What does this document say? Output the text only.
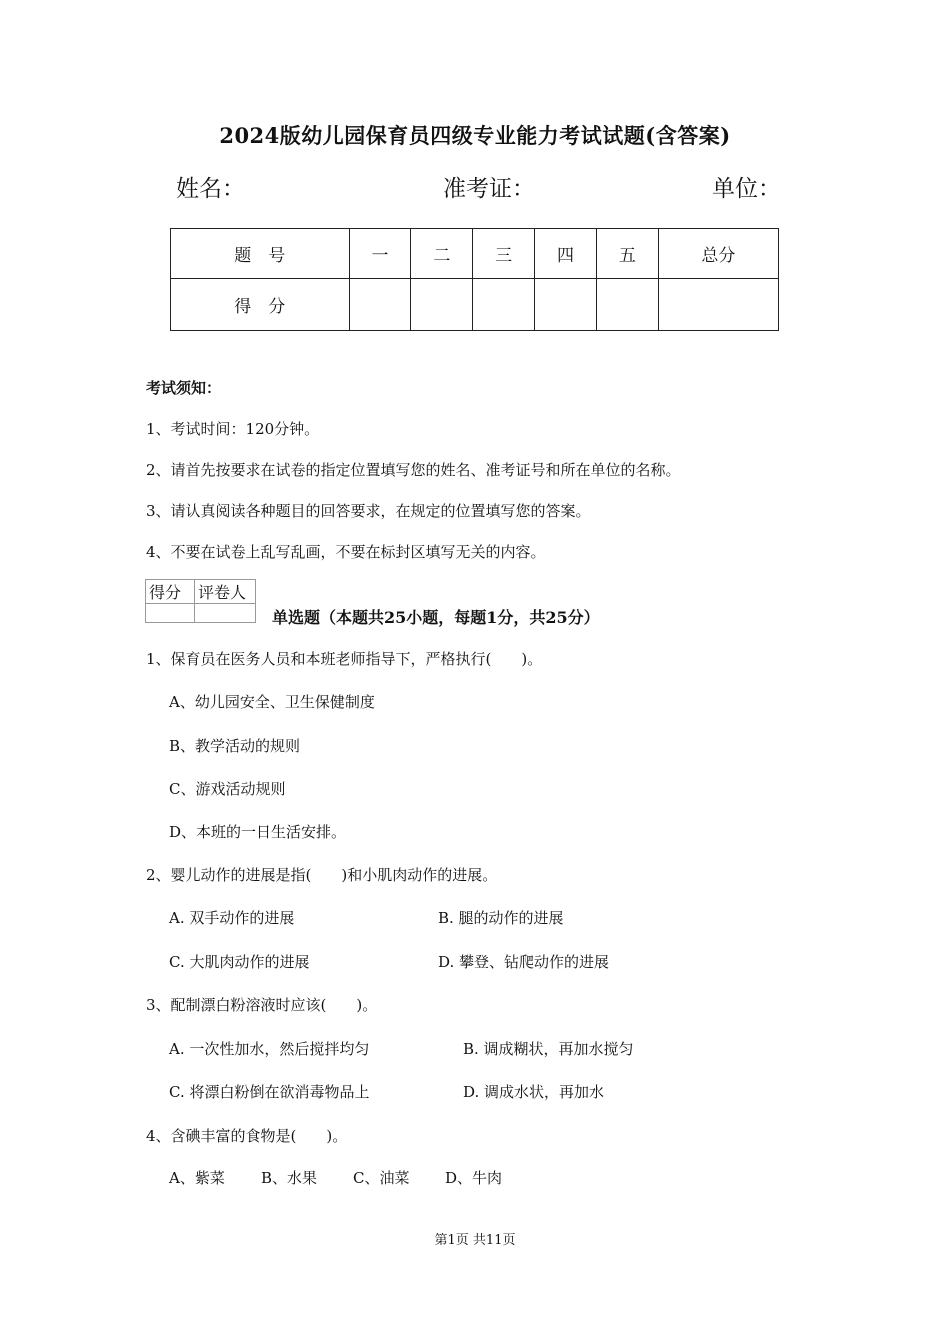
2024版幼儿园保育员四级专业能力考试试题(含答案)
姓名：	准考证：	单位：
题　号	一	二	三	四	五	总分
得　分						
考试须知：
1、考试时间：120分钟。
2、请首先按要求在试卷的指定位置填写您的姓名、准考证号和所在单位的名称。
3、请认真阅读各种题目的回答要求，在规定的位置填写您的答案。
4、不要在试卷上乱写乱画，不要在标封区填写无关的内容。
得分	评卷人

单选题（本题共25小题，每题1分，共25分）
1、保育员在医务人员和本班老师指导下，严格执行(　　)。
A、幼儿园安全、卫生保健制度
B、教学活动的规则
C、游戏活动规则
D、本班的一日生活安排。
2、婴儿动作的进展是指(　　)和小肌肉动作的进展。
A. 双手动作的进展	B. 腿的动作的进展
C. 大肌肉动作的进展	D. 攀登、钻爬动作的进展
3、配制漂白粉溶液时应该(　　)。
A. 一次性加水，然后搅拌均匀	B. 调成糊状，再加水搅匀
C. 将漂白粉倒在欲消毒物品上	D. 调成水状，再加水
4、含碘丰富的食物是(　　)。
A、紫菜 B、水果 C、油菜 D、牛肉
第1页 共11页
